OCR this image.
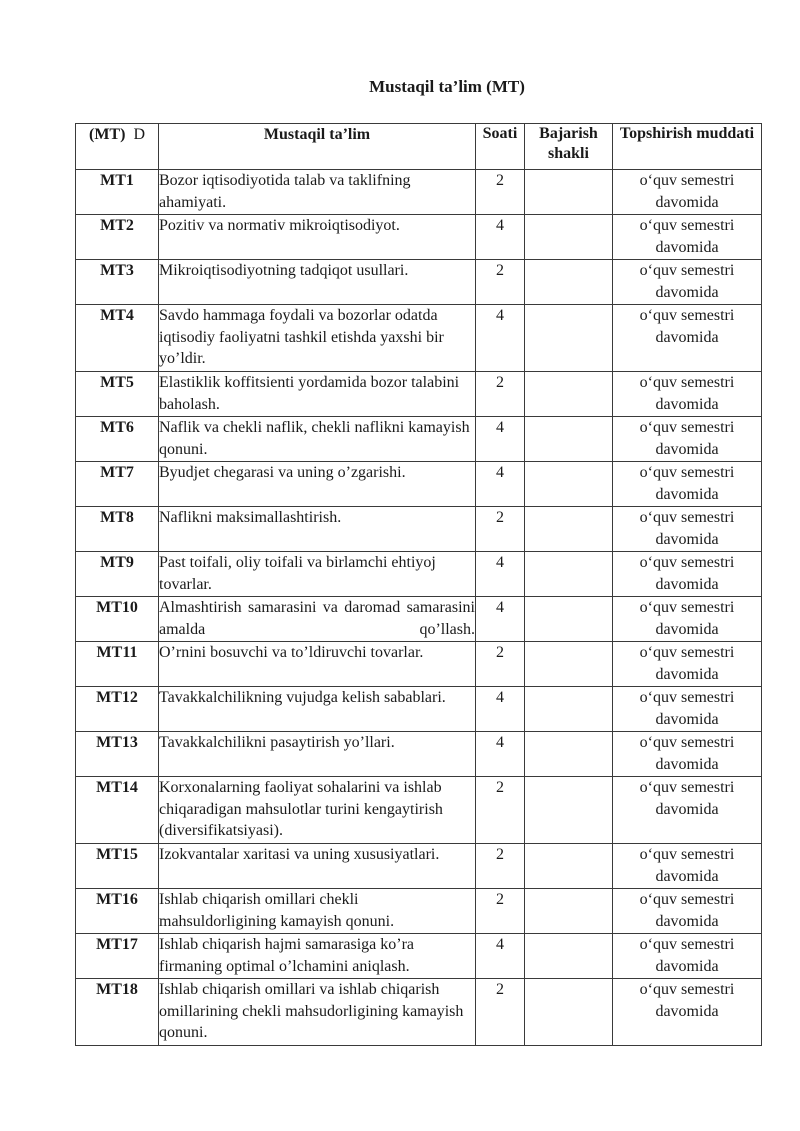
Mustaqil ta’lim (MT)
(MT) D	Mustaqil ta’lim	Soati	Bajarish shakli	Topshirish muddati
MT1	Bozor iqtisodiyotida talab va taklifning ahamiyati.	2		o‘quv semestri davomida
MT2	Pozitiv va normativ mikroiqtisodiyot.	4		o‘quv semestri davomida
MT3	Mikroiqtisodiyotning tadqiqot usullari.	2		o‘quv semestri davomida
MT4	Savdo hammaga foydali va bozorlar odatda iqtisodiy faoliyatni tashkil etishda yaxshi bir yo’ldir.	4		o‘quv semestri davomida
MT5	Elastiklik koffitsienti yordamida bozor talabini baholash.	2		o‘quv semestri davomida
MT6	Naflik va chekli naflik, chekli naflikni kamayish qonuni.	4		o‘quv semestri davomida
MT7	Byudjet chegarasi va uning o’zgarishi.	4		o‘quv semestri davomida
MT8	Naflikni maksimallashtirish.	2		o‘quv semestri davomida
MT9	Past toifali, oliy toifali va birlamchi ehtiyoj tovarlar.	4		o‘quv semestri davomida
MT10	Almashtirish samarasini va daromad samarasini amalda qo’llash.	4		o‘quv semestri davomida
MT11	O’rnini bosuvchi va to’ldiruvchi tovarlar.	2		o‘quv semestri davomida
MT12	Tavakkalchilikning vujudga kelish sabablari.	4		o‘quv semestri davomida
MT13	Tavakkalchilikni pasaytirish yo’llari.	4		o‘quv semestri davomida
MT14	Korxonalarning faoliyat sohalarini va ishlab chiqaradigan mahsulotlar turini kengaytirish (diversifikatsiyasi).	2		o‘quv semestri davomida
MT15	Izokvantalar xaritasi va uning xususiyatlari.	2		o‘quv semestri davomida
MT16	Ishlab chiqarish omillari chekli mahsuldorligining kamayish qonuni.	2		o‘quv semestri davomida
MT17	Ishlab chiqarish hajmi samarasiga ko’ra firmaning optimal o’lchamini aniqlash.	4		o‘quv semestri davomida
MT18	Ishlab chiqarish omillari va ishlab chiqarish omillarining chekli mahsudorligining kamayish qonuni.	2		o‘quv semestri davomida
